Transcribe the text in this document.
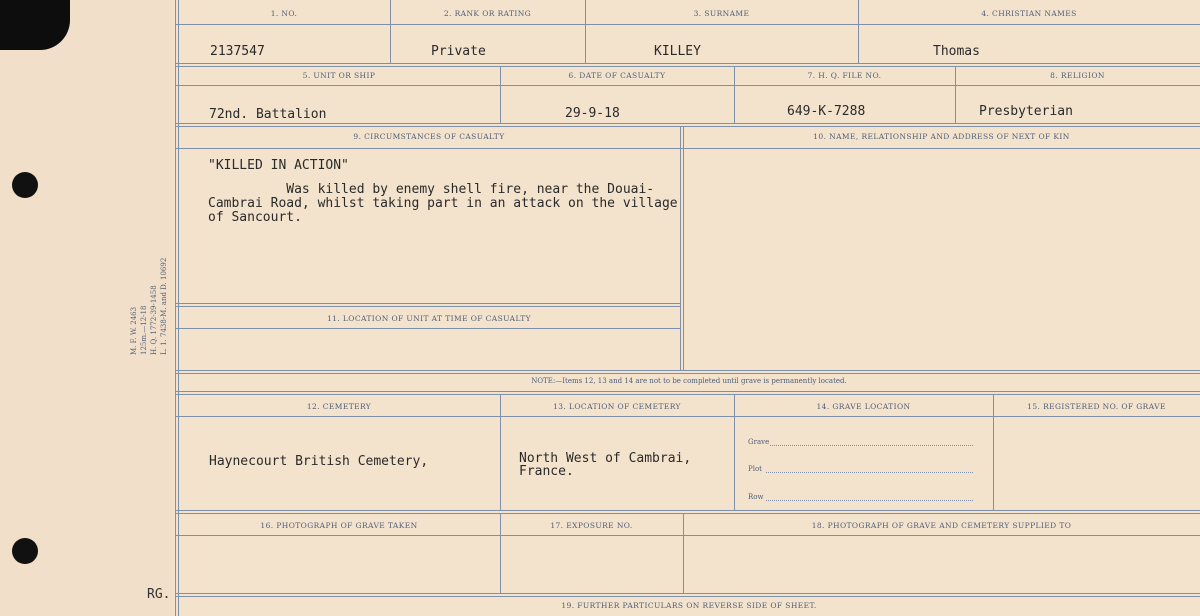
M. F. W. 2463 125m.—12-18 H. Q. 1772-39-1458 L. 1. 7438-M. and D. 10692
RG.
1. NO.	2. RANK OR RATING	3. SURNAME	4. CHRISTIAN NAMES
2137547	Private	KILLEY	Thomas
5. UNIT OR SHIP	6. DATE OF CASUALTY	7. H. Q. FILE NO.	8. RELIGION
72nd. Battalion	29-9-18	649-K-7288	Presbyterian
9. CIRCUMSTANCES OF CASUALTY	10. NAME, RELATIONSHIP AND ADDRESS OF NEXT OF KIN
"KILLED IN ACTION"
Was killed by enemy shell fire, near the Douai-
Cambrai Road, whilst taking part in an attack on the village
of Sancourt.
11. LOCATION OF UNIT AT TIME OF CASUALTY
NOTE:—Items 12, 13 and 14 are not to be completed until grave is permanently located.
12. CEMETERY	13. LOCATION OF CEMETERY	14. GRAVE LOCATION	15. REGISTERED NO. OF GRAVE
Haynecourt British Cemetery,	North West of Cambrai,
France.
Grave
Plot
Row
16. PHOTOGRAPH OF GRAVE TAKEN	17. EXPOSURE NO.	18. PHOTOGRAPH OF GRAVE AND CEMETERY SUPPLIED TO
19. FURTHER PARTICULARS ON REVERSE SIDE OF SHEET.
